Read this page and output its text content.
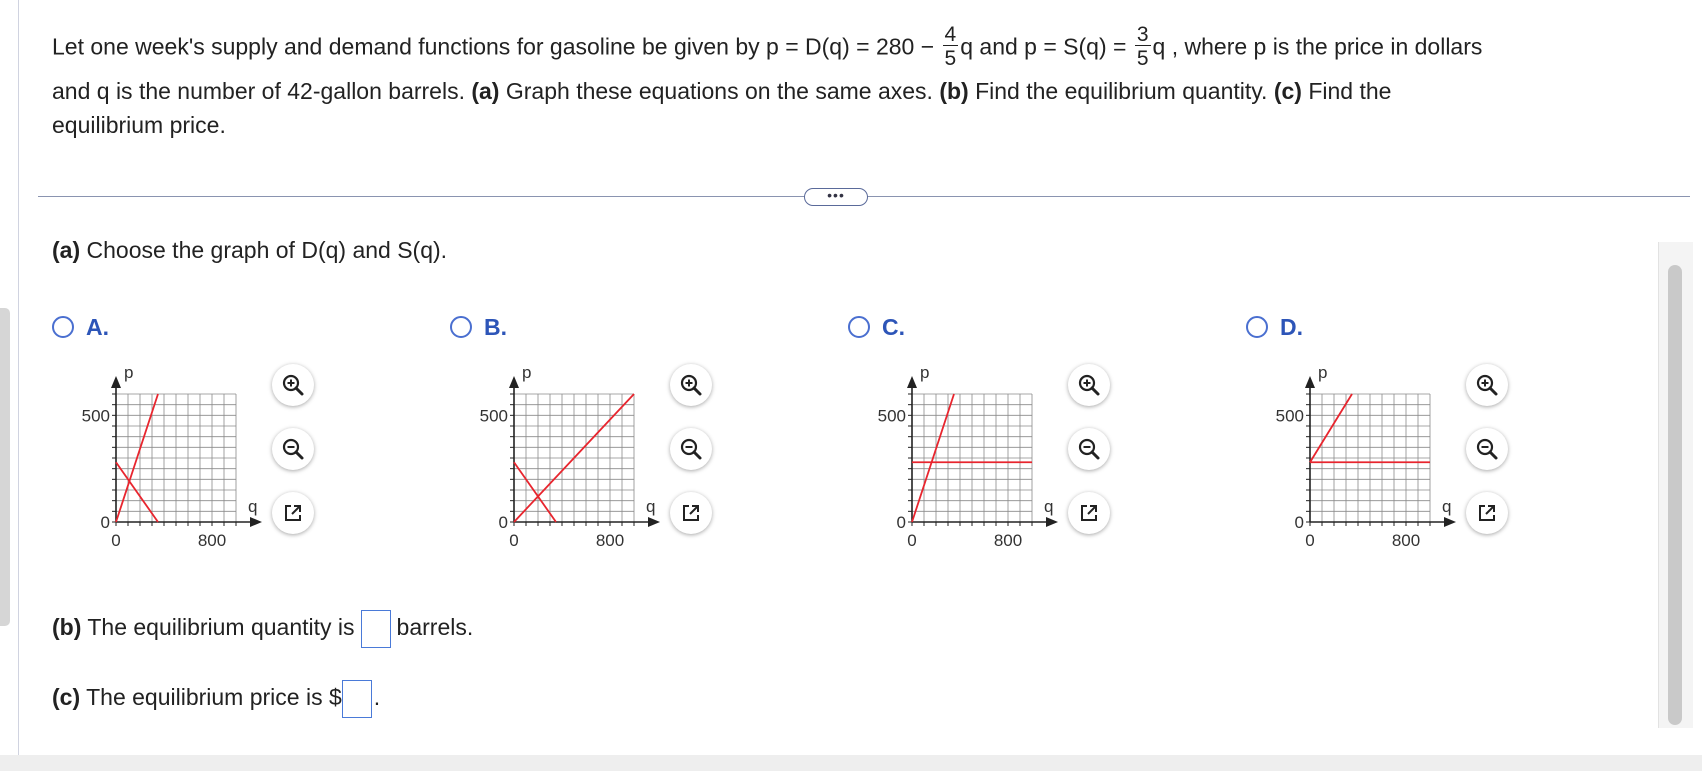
Let one week's supply and demand functions for gasoline be given by $p = D(q) = 280 - \frac{4}{5}$ q and $p = S(q) = \frac{3}{5}$ q , where p is the price in dollars
and q is the number of 42-gallon barrels. (a) Graph these equations on the same axes. (b) Find the equilibrium quantity. (c) Find the
equilibrium price.
•••
(a) Choose the graph of D(q) and S(q).
A.
p
q
500
0
0	800
B.
p
q
500
0
0	800
C.
p
q
500
0
0	800
D.
p
q
500
0
0	800
(b) The equilibrium quantity is barrels.
(c) The equilibrium price is $ .
